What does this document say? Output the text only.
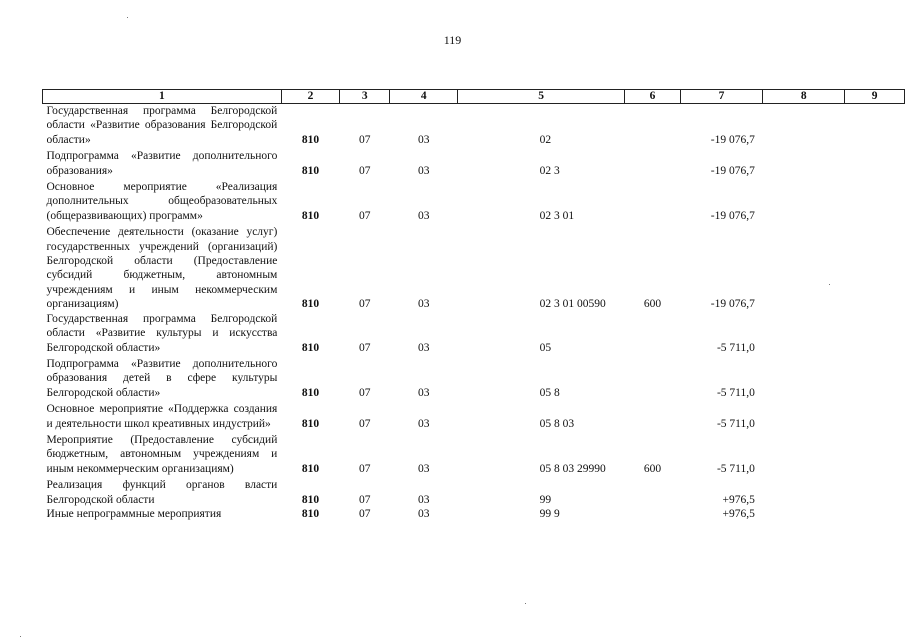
119
1	2	3	4	5	6	7	8	9
Государственная программа Белгородской области «Развитие образования Белгородской области»	810	07	03	02		-19 076,7		

Подпрограмма «Развитие дополнительного образования»	810	07	03	02 3		-19 076,7		

Основное мероприятие «Реализация дополнительных общеобразовательных (общеразвивающих) программ»	810	07	03	02 3 01		-19 076,7		

Обеспечение деятельности (оказание услуг) государственных учреждений (организаций) Белгородской области (Предоставление субсидий бюджетным, автономным учреждениям и иным некоммерческим организациям)	810	07	03	02 3 01 00590	600	-19 076,7		
Государственная программа Белгородской области «Развитие культуры и искусства Белгородской области»	810	07	03	05		-5 711,0		

Подпрограмма «Развитие дополнительного образования детей в сфере культуры Белгородской области»	810	07	03	05 8		-5 711,0		

Основное мероприятие «Поддержка создания и деятельности школ креативных индустрий»	810	07	03	05 8 03		-5 711,0		

Мероприятие (Предоставление субсидий бюджетным, автономным учреждениям и иным некоммерческим организациям)	810	07	03	05 8 03 29990	600	-5 711,0		

Реализация функций органов власти Белгородской области	810	07	03	99		+976,5		
Иные непрограммные мероприятия	810	07	03	99 9		+976,5		
